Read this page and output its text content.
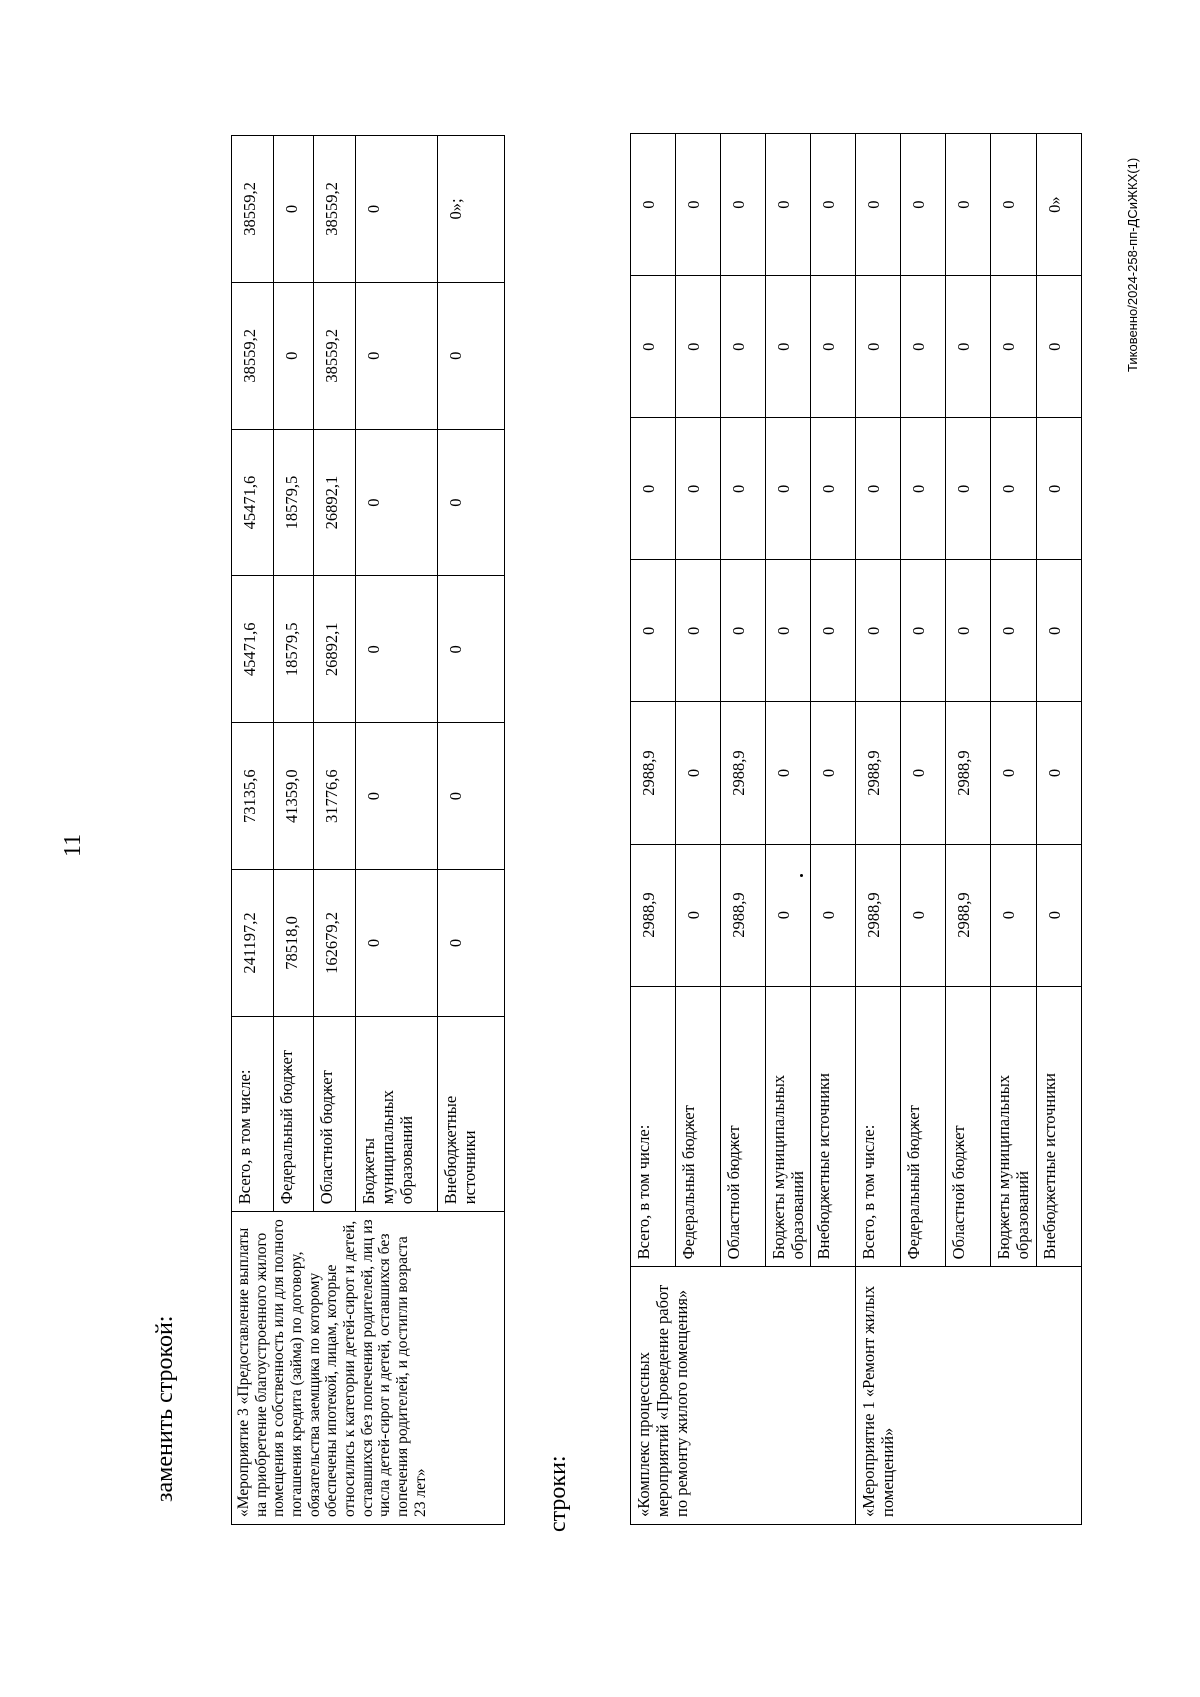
11
заменить строкой:	«Мероприятие 3 «Предоставление выплаты на приобретение благоустроенного жилого помещения в собственность или для полного погашения кредита (займа) по договору, обязательства заемщика по которому обеспечены ипотекой, лицам, которые относились к категории детей-сирот и детей, оставшихся без попечения родителей, лиц из числа детей-сирот и детей, оставшихся без попечения родителей, и достигли возраста 23 лет»	Всего, в том числе:	241197,2	73135,6	45471,6	45471,6	38559,2	38559,2
	Федеральный бюджет	78518,0	41359,0	18579,5	18579,5	0	0
	Областной бюджет	162679,2	31776,6	26892,1	26892,1	38559,2	38559,2
	Бюджеты муниципальных образований	0	0	0	0	0	0
	Внебюджетные источники	0	0	0	0	0	0»;
строки:	«Комплекс процессных мероприятий «Проведение работ по ремонту жилого помещения»	Всего, в том числе:	2988,9	2988,9	0	0	0	0
	Федеральный бюджет	0	0	0	0	0	0
	Областной бюджет	2988,9	2988,9	0	0	0	0
	Бюджеты муниципальных образований	0	0	0	0	0	0
	Внебюджетные источники	0	0	0	0	0	0
«Мероприятие 1 «Ремонт жилых помещений»	Всего, в том числе:	2988,9	2988,9	0	0	0	0
	Федеральный бюджет	0	0	0	0	0	0
	Областной бюджет	2988,9	2988,9	0	0	0	0
	Бюджеты муниципальных образований	0	0	0	0	0	0
	Внебюджетные источники	0	0	0	0	0	0»	Тиковенно/2024-258-пп-ДСиЖКХ(1)
